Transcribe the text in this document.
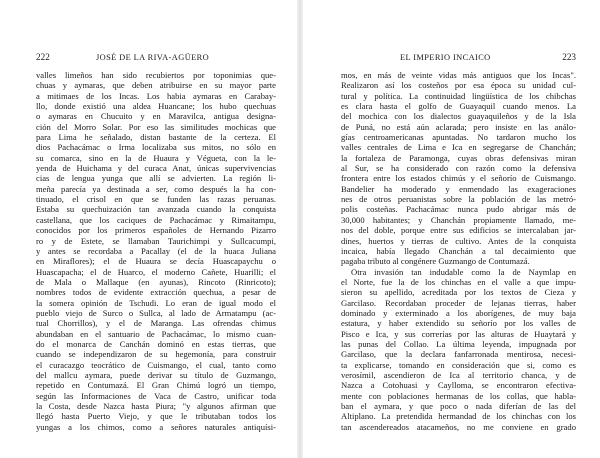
222	JOSÉ DE LA RIVA-AGÜERO
valles limeños han sido recubiertos por toponimias que-
chuas y aymaras, que deben atribuirse en su mayor parte
a mitimaes de los Incas. Los habia aymaras en Carabay-
llo, donde existió una aldea Huancane; los hubo quechuas
o aymaras en Chucuito y en Maravilca, antigua designa-
ción del Morro Solar. Por eso las similitudes mochicas que
para Lima he señalado, distan bastante de la certeza. El
dios Pachacámac o Irma localizaba sus mitos, no sólo en
su comarca, sino en la de Huaura y Végueta, con la le-
yenda de Huichama y del curaca Anat, únicas supervivencias
cias de lengua yunga que allí se advierten. La región li-
meña parecía ya destinada a ser, como después la ha con-
tinuado, el crisol en que se funden las razas peruanas.
Estaba su quechuización tan avanzada cuando la conquista
castellana, que los caciques de Pachacámac y Rimaitampu,
conocidos por los primeros españoles de Hernando Pizarro
ro y de Estete, se llamaban Taurichimpi y Sullcacumpi,
y antes se recordaba a Pacallay (el de la huaca Juliana
en Miraflores); el de Huaura se decía Huascapaychu o
Huascapacha; el de Huarco, el moderno Cañete, Huarilli; el
de Mala o Mallaque (en ayunas), Rincoto (Rinricoto);
nombres todos de evidente extracción quechua, a pesar de
la somera opinión de Tschudi. Lo eran de igual modo el
pueblo viejo de Surco o Sullca, al lado de Armatampu (ac-
tual Chorrillos), y el de Maranga. Las ofrendas chimus
abundaban en el santuario de Pachacámac, lo mismo cuan-
do el monarca de Canchán dominó en estas tierras, que
cuando se independizaron de su hegemonía, para construir
el curacazgo teocrático de Cuismango, el cual, tanto como
del mallcu aymara, puede derivar su título de Guzmango,
repetido en Contumazá. El Gran Chimú logró un tiempo,
según las Informaciones de Vaca de Castro, unificar toda
la Costa, desde Nazca hasta Piura; "y algunos afirman que
llegó hasta Puerto Viejo, y que le tributaban todos los
yungas a los chimos, como a señores naturales antiquísi-
EL IMPERIO INCAICO	223
mos, en más de veinte vidas más antiguos que los Incas".
Realizaron así los costeños por esa época su unidad cul-
tural y política. La continuidad lingüística de los chibchas
es clara hasta el golfo de Guayaquil cuando menos. La
del mochica con los dialectos guayaquileños y de la Isla
de Puná, no está aún aclarada; pero insiste en las análo-
gías centroamericanas apuntadas. No tardaron mucho los
valles centrales de Lima e Ica en segregarse de Chanchán;
la fortaleza de Paramonga, cuyas obras defensivas miran
al Sur, se ha considerado con razón como la defensiva
frontera entre los estados chimús y el señorío de Cuismango.
Bandelier ha moderado y enmendado las exageraciones
nes de otros peruanistas sobre la población de las metró-
polis costeñas. Pachacámac nunca pudo abrigar más de
30,000 habitantes; y Chanchán propiamente llamado, me-
nos del doble, porque entre sus edificios se intercalaban jar-
dines, huertos y tierras de cultivo. Antes de la conquista
incaica, había llegado Chanchán a tal decaimiento que
pagaba tributo al congénere Guzmango de Contumazá.
Otra invasión tan indudable como la de Naymlap en
el Norte, fue la de los chinchas en el valle a que impu-
sieron su apellido, acreditada por los textos de Cieza y
Garcilaso. Recordaban proceder de lejanas tierras, haber
dominado y exterminado a los aborígenes, de muy baja
estatura, y haber extendido su señorío por los valles de
Pisco e Ica, y sus correrías por las alturas de Huaytará y
las punas del Collao. La última leyenda, impugnada por
Garcilaso, que la declara fanfarronada mentirosa, necesi-
ta explicarse, tomando en consideración que si, como es
verosímil, ascendieron de Ica al territorio chanca, y de
Nazca a Cotohuasi y Caylloma, se encontraron efectiva-
mente con poblaciones hermanas de los collas, que habla-
ban el aymara, y que poco o nada diferían de las del
Altiplano. La pretendida hermandad de los chinchas con los
tan ascendereados atacameños, no me conviene en grado
